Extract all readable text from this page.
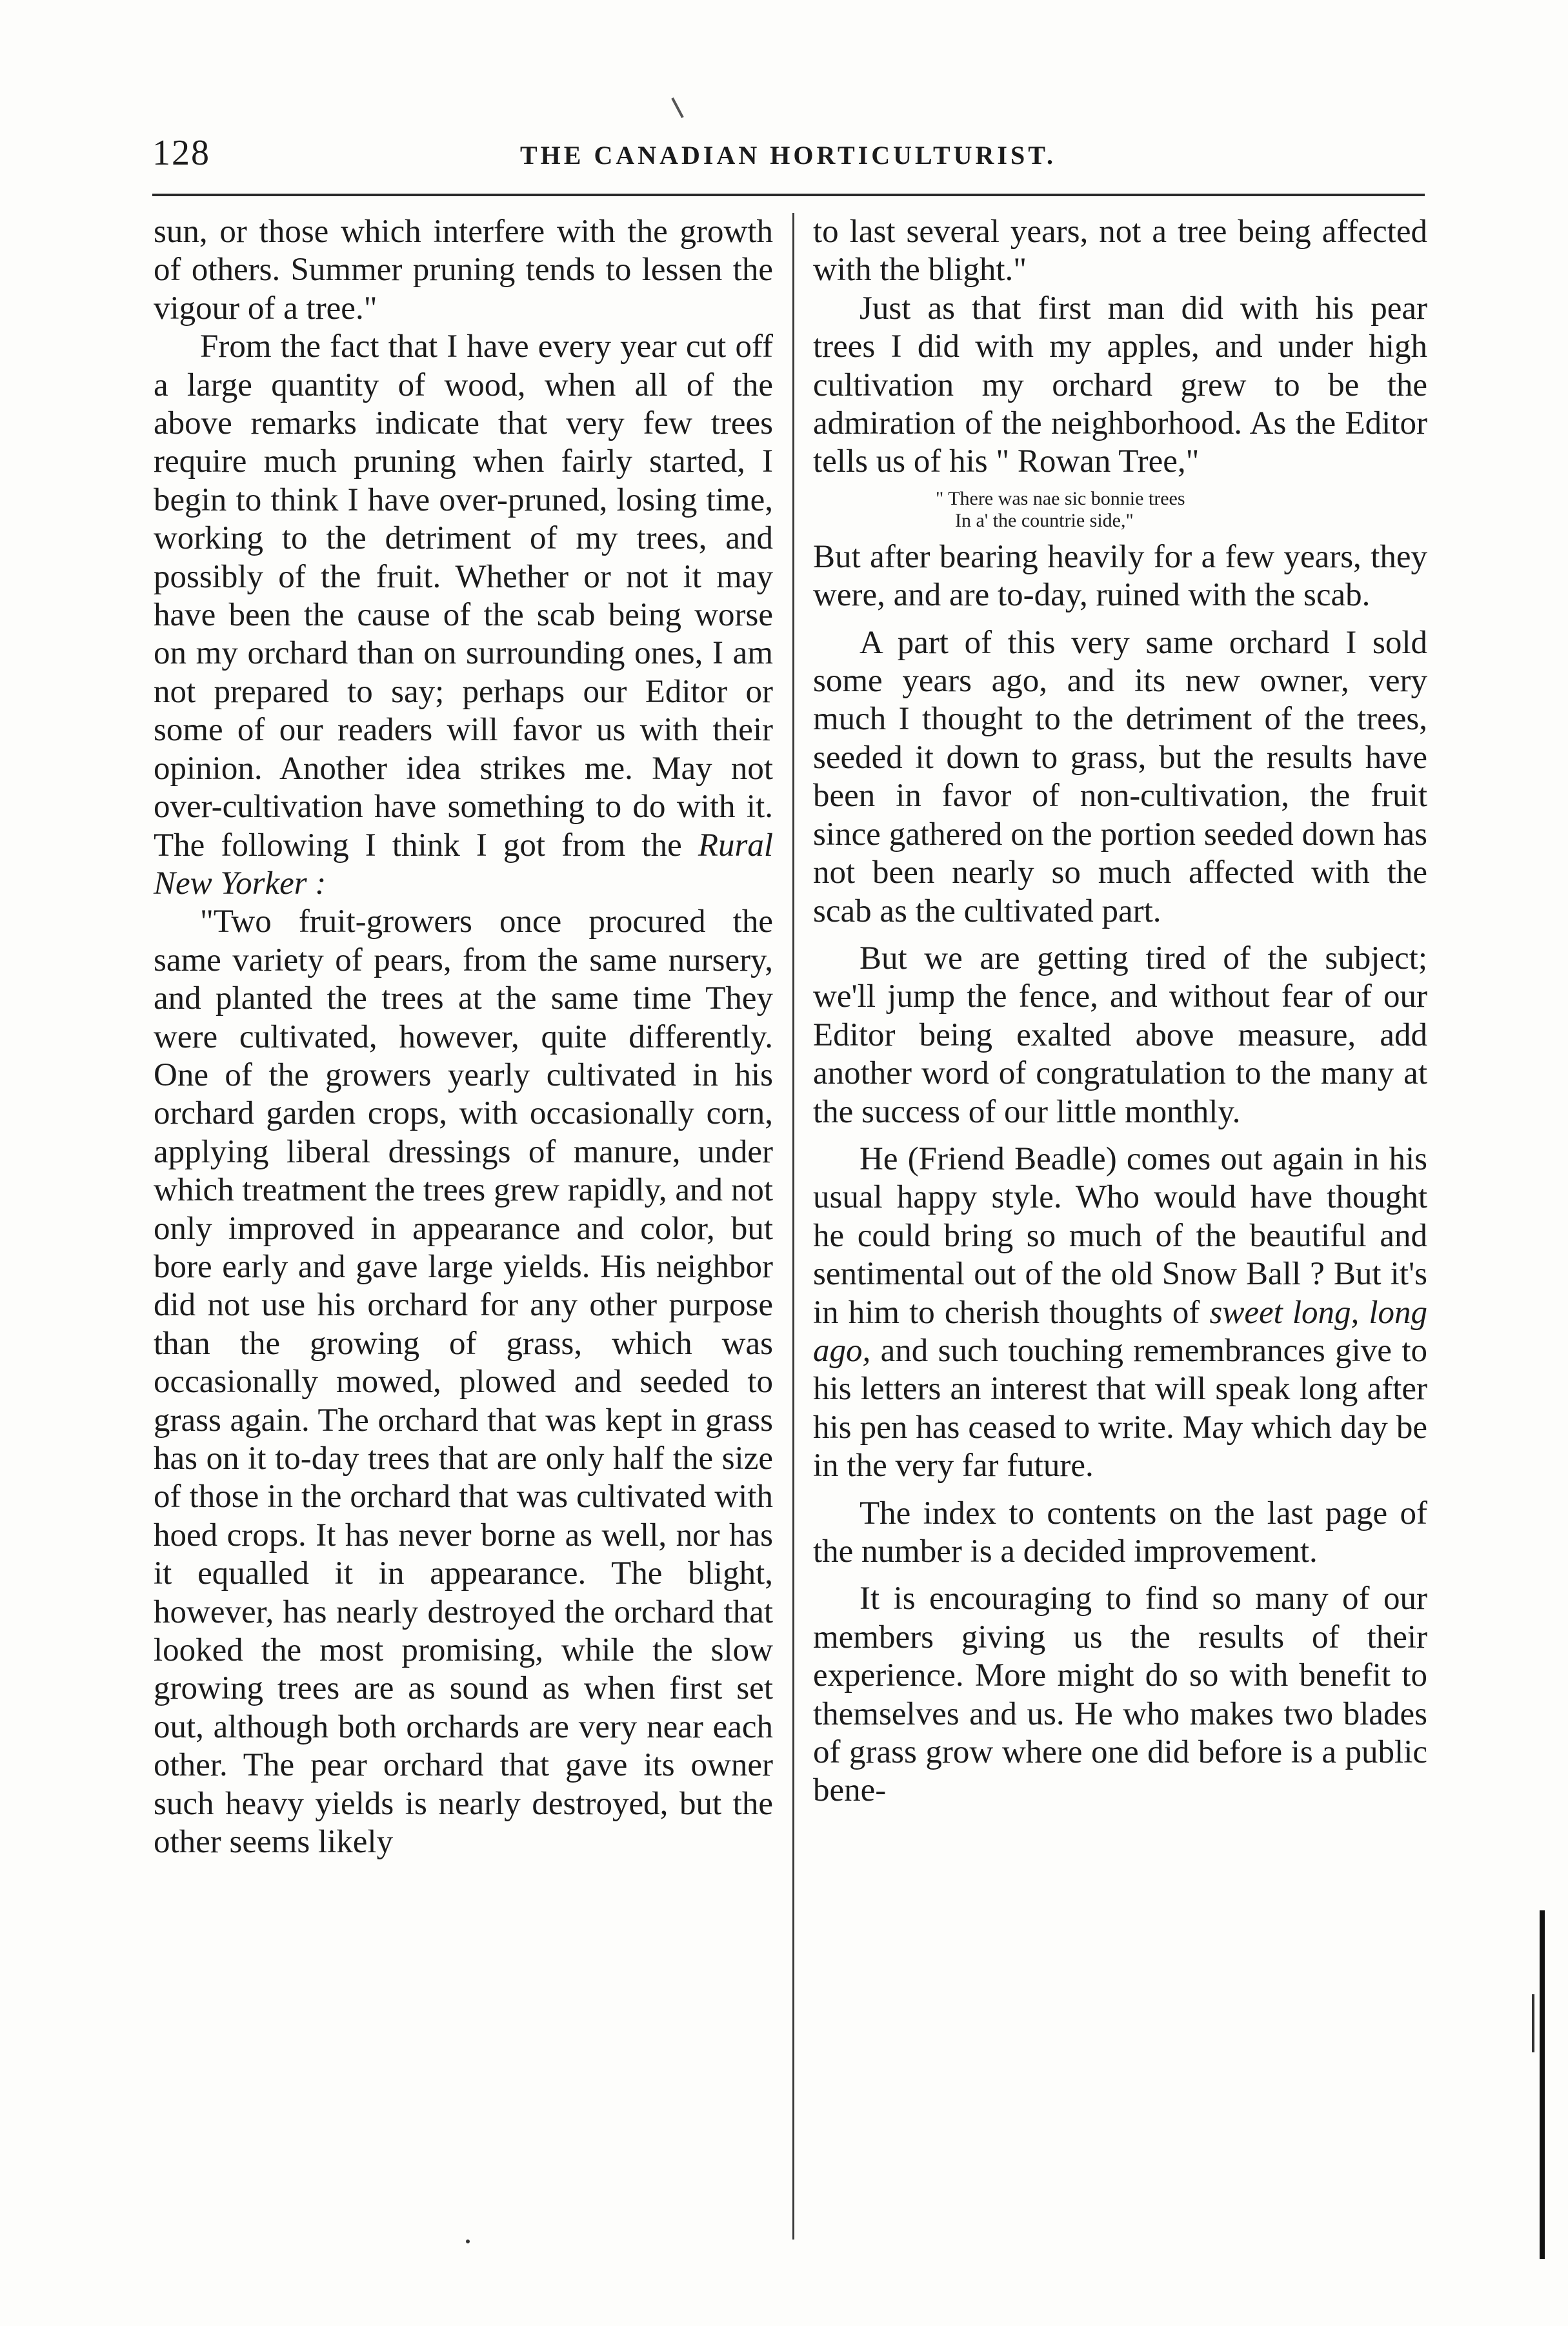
128	THE CANADIAN HORTICULTURIST.

sun, or those which interfere with the growth of others. Summer pruning tends to lessen the vigour of a tree."

From the fact that I have every year cut off a large quantity of wood, when all of the above remarks indicate that very few trees require much pruning when fairly started, I begin to think I have over-pruned, losing time, working to the detriment of my trees, and possibly of the fruit. Whether or not it may have been the cause of the scab being worse on my orchard than on surrounding ones, I am not prepared to say; perhaps our Editor or some of our readers will favor us with their opinion. Another idea strikes me. May not over-cultivation have something to do with it. The following I think I got from the Rural New Yorker :

"Two fruit-growers once procured the same variety of pears, from the same nursery, and planted the trees at the same time They were cultivated, however, quite differently. One of the growers yearly cultivated in his orchard garden crops, with occasionally corn, applying liberal dressings of manure, under which treatment the trees grew rapidly, and not only improved in appearance and color, but bore early and gave large yields. His neighbor did not use his orchard for any other purpose than the growing of grass, which was occasionally mowed, plowed and seeded to grass again. The orchard that was kept in grass has on it to-day trees that are only half the size of those in the orchard that was cultivated with hoed crops. It has never borne as well, nor has it equalled it in appearance. The blight, however, has nearly destroyed the orchard that looked the most promising, while the slow growing trees are as sound as when first set out, although both orchards are very near each other. The pear orchard that gave its owner such heavy yields is nearly destroyed, but the other seems likely

to last several years, not a tree being affected with the blight."

Just as that first man did with his pear trees I did with my apples, and under high cultivation my orchard grew to be the admiration of the neighborhood. As the Editor tells us of his " Rowan Tree,"

" There was nae sic bonnie trees
In a' the countrie side,"

But after bearing heavily for a few years, they were, and are to-day, ruined with the scab.

A part of this very same orchard I sold some years ago, and its new owner, very much I thought to the detriment of the trees, seeded it down to grass, but the results have been in favor of non-cultivation, the fruit since gathered on the portion seeded down has not been nearly so much affected with the scab as the cultivated part.

But we are getting tired of the subject; we'll jump the fence, and without fear of our Editor being exalted above measure, add another word of congratulation to the many at the success of our little monthly.

He (Friend Beadle) comes out again in his usual happy style. Who would have thought he could bring so much of the beautiful and sentimental out of the old Snow Ball ? But it's in him to cherish thoughts of sweet long, long ago, and such touching remembrances give to his letters an interest that will speak long after his pen has ceased to write. May which day be in the very far future.

The index to contents on the last page of the number is a decided improvement.

It is encouraging to find so many of our members giving us the results of their experience. More might do so with benefit to themselves and us. He who makes two blades of grass grow where one did before is a public bene-
